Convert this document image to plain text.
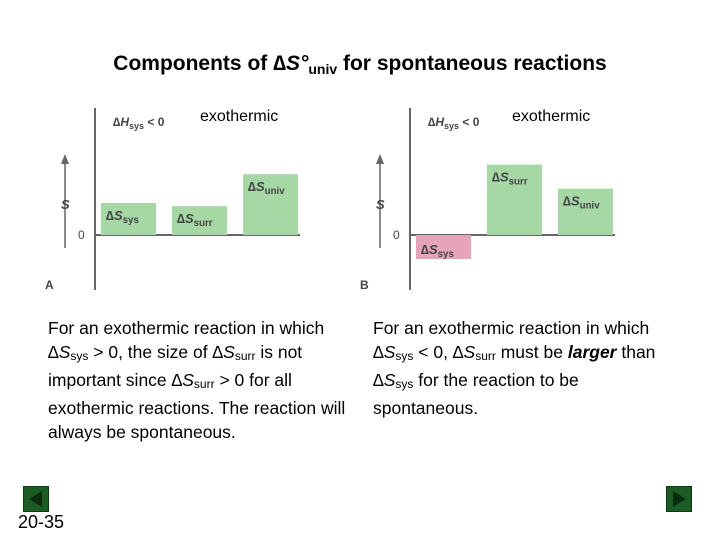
Components of $\Delta S^\circ_{univ}$ for spontaneous reactions
exothermic	exothermic
S
0
A
$\Delta H_{sys} < 0$
$\Delta S_{sys}$	$\Delta S_{surr}$
$\Delta S_{univ}$
S
0
B
$\Delta H_{sys} < 0$
$\Delta S_{sys}$
$\Delta S_{surr}$
$\Delta S_{univ}$
For an exothermic reaction in which ∆Ssys > 0, the size of ∆Ssurr is not important since ∆Ssurr > 0 for all exothermic reactions. The reaction will always be spontaneous.
For an exothermic reaction in which ∆Ssys < 0, ∆Ssurr must be larger than ∆Ssys for the reaction to be spontaneous.
20-35
